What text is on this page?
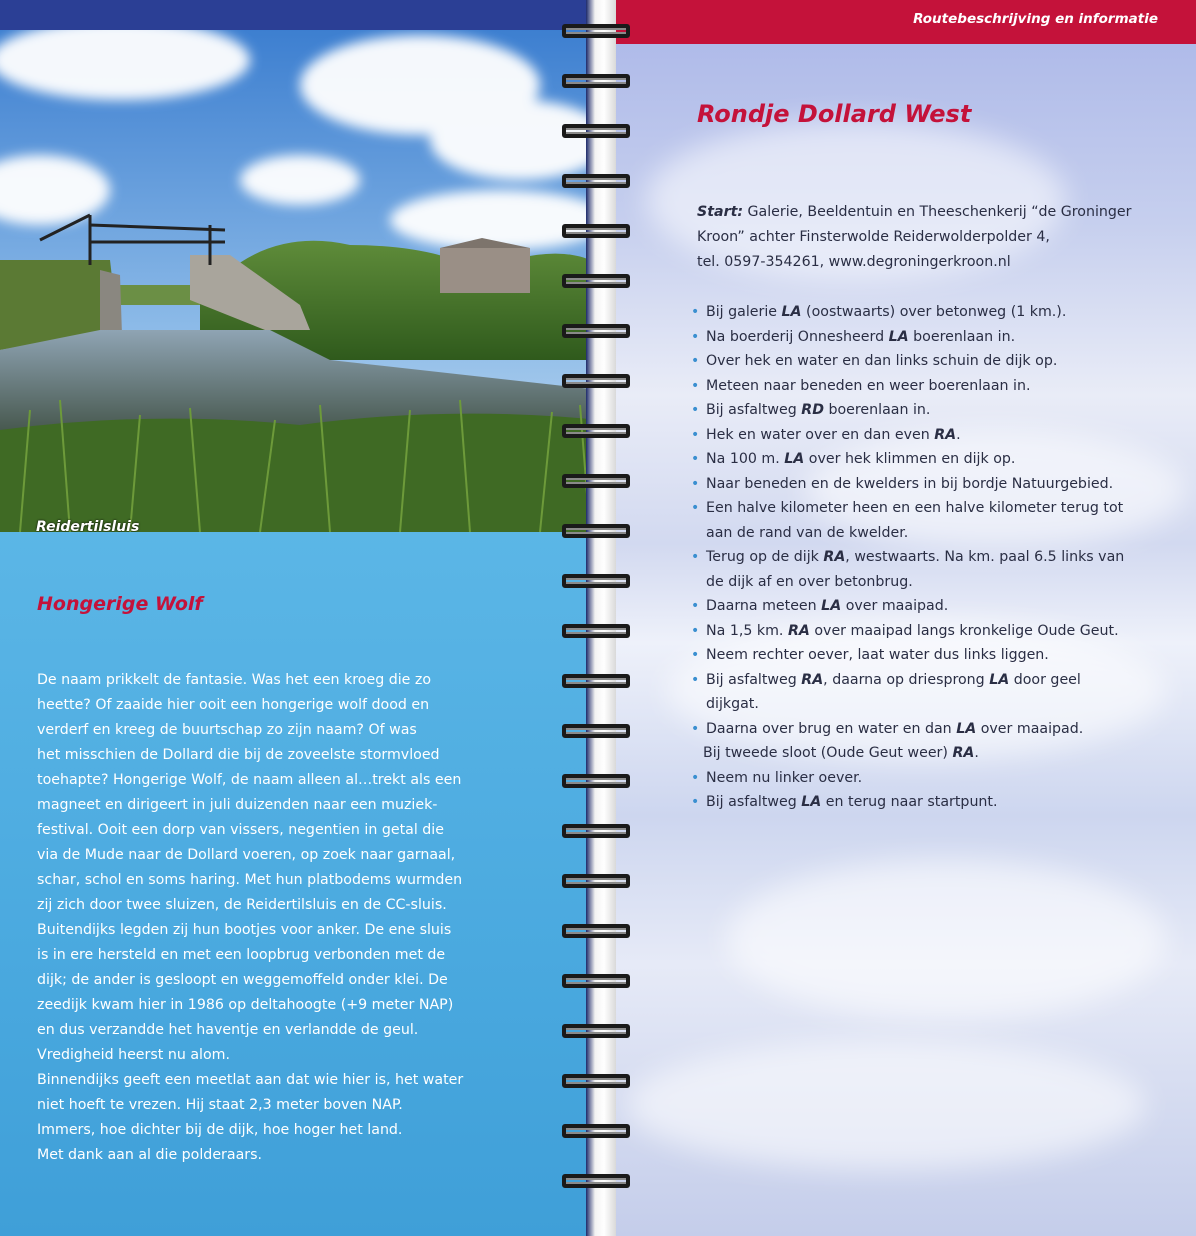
Reidertilsluis
Hongerige Wolf
De naam prikkelt de fantasie. Was het een kroeg die zo
heette? Of zaaide hier ooit een hongerige wolf dood en
verderf en kreeg de buurtschap zo zijn naam? Of was
het misschien de Dollard die bij de zoveelste stormvloed
toehapte? Hongerige Wolf, de naam alleen al…trekt als een
magneet en dirigeert in juli duizenden naar een muziek-
festival. Ooit een dorp van vissers, negentien in getal die
via de Mude naar de Dollard voeren, op zoek naar garnaal,
schar, schol en soms haring. Met hun platbodems wurmden
zij zich door twee sluizen, de Reidertilsluis en de CC-sluis.
Buitendijks legden zij hun bootjes voor anker. De ene sluis
is in ere hersteld en met een loopbrug verbonden met de
dijk; de ander is gesloopt en weggemoffeld onder klei. De
zeedijk kwam hier in 1986 op deltahoogte (+9 meter NAP)
en dus verzandde het haventje en verlandde de geul.
Vredigheid heerst nu alom.
Binnendijks geeft een meetlat aan dat wie hier is, het water
niet hoeft te vrezen. Hij staat 2,3 meter boven NAP.
Immers, hoe dichter bij de dijk, hoe hoger het land.
Met dank aan al die polderaars.
Routebeschrijving en informatie
Rondje Dollard West
Start: Galerie, Beeldentuin en Theeschenkerij “de Groninger
Kroon” achter Finsterwolde Reiderwolderpolder 4,
tel. 0597-354261, www.degroningerkroon.nl
• Bij galerie LA (oostwaarts) over betonweg (1 km.).
• Na boerderij Onnesheerd LA boerenlaan in.
• Over hek en water en dan links schuin de dijk op.
• Meteen naar beneden en weer boerenlaan in.
• Bij asfaltweg RD boerenlaan in.
• Hek en water over en dan even RA.
• Na 100 m. LA over hek klimmen en dijk op.
• Naar beneden en de kwelders in bij bordje Natuurgebied.
• Een halve kilometer heen en een halve kilometer terug tot
aan de rand van de kwelder.
• Terug op de dijk RA, westwaarts. Na km. paal 6.5 links van
de dijk af en over betonbrug.
• Daarna meteen LA over maaipad.
• Na 1,5 km. RA over maaipad langs kronkelige Oude Geut.
• Neem rechter oever, laat water dus links liggen.
• Bij asfaltweg RA, daarna op driesprong LA door geel
dijkgat.
• Daarna over brug en water en dan LA over maaipad.
Bij tweede sloot (Oude Geut weer) RA.
• Neem nu linker oever.
• Bij asfaltweg LA en terug naar startpunt.
